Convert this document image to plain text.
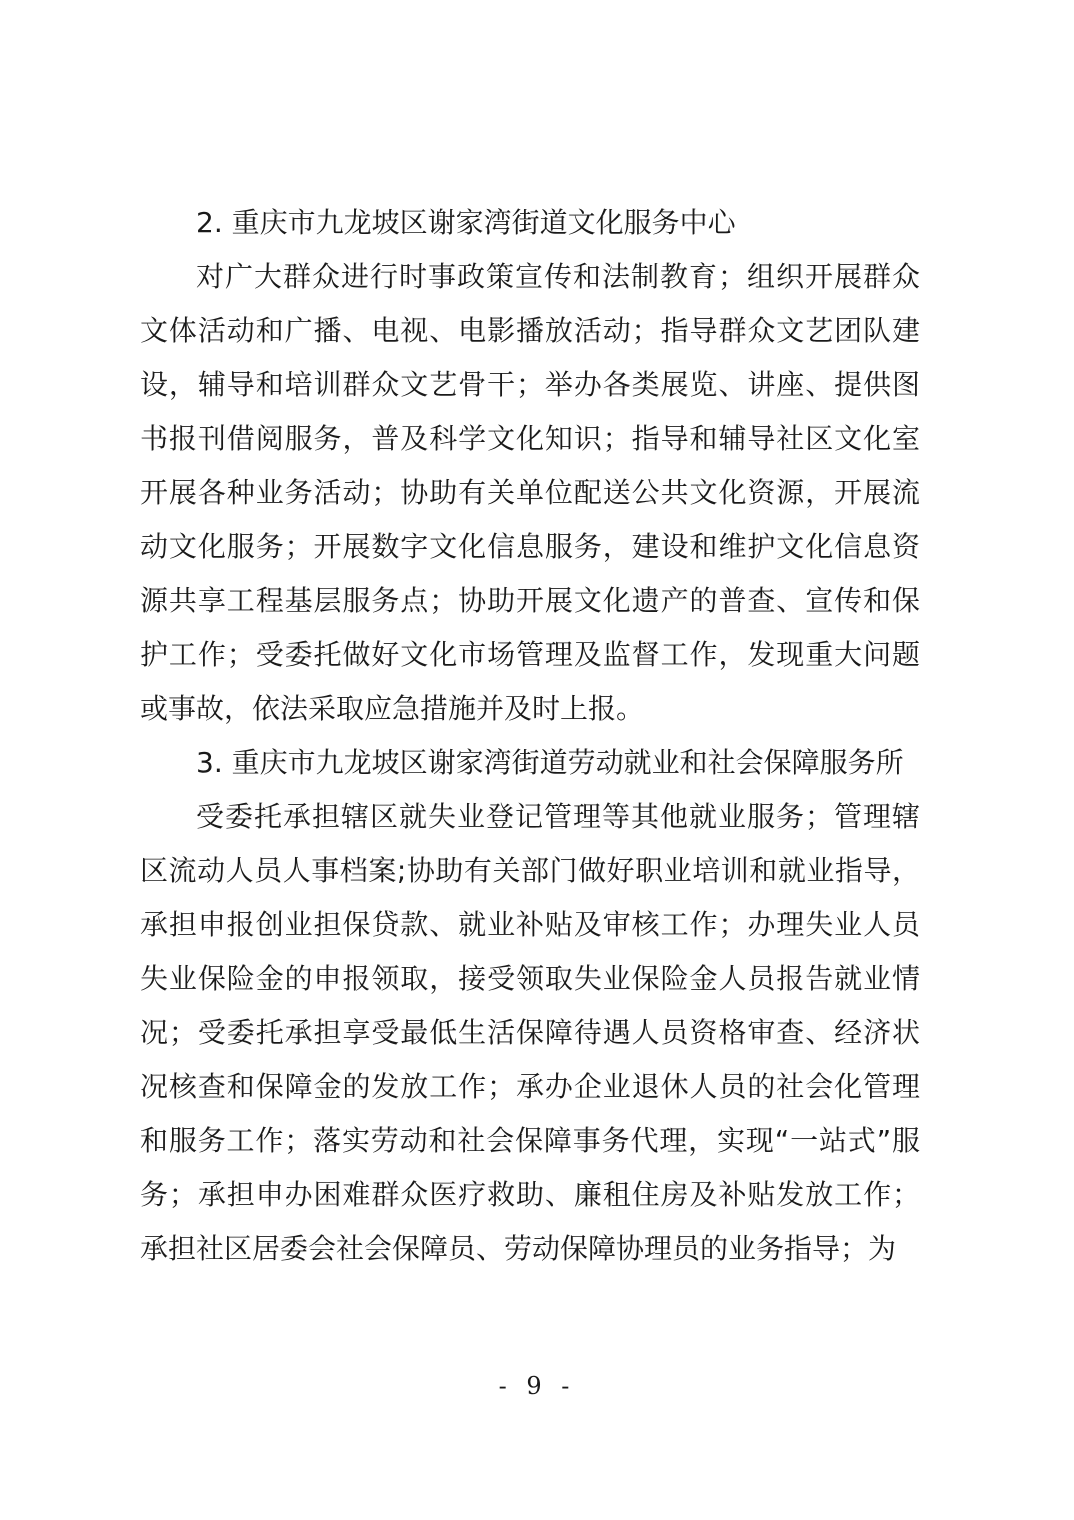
2. 重庆市九龙坡区谢家湾街道文化服务中心

对广大群众进行时事政策宣传和法制教育；组织开展群众文体活动和广播、电视、电影播放活动；指导群众文艺团队建设，辅导和培训群众文艺骨干；举办各类展览、讲座、提供图书报刊借阅服务，普及科学文化知识；指导和辅导社区文化室开展各种业务活动；协助有关单位配送公共文化资源，开展流动文化服务；开展数字文化信息服务，建设和维护文化信息资源共享工程基层服务点；协助开展文化遗产的普查、宣传和保护工作；受委托做好文化市场管理及监督工作，发现重大问题或事故，依法采取应急措施并及时上报。

3. 重庆市九龙坡区谢家湾街道劳动就业和社会保障服务所

受委托承担辖区就失业登记管理等其他就业服务；管理辖区流动人员人事档案;协助有关部门做好职业培训和就业指导，承担申报创业担保贷款、就业补贴及审核工作；办理失业人员失业保险金的申报领取，接受领取失业保险金人员报告就业情况；受委托承担享受最低生活保障待遇人员资格审查、经济状况核查和保障金的发放工作；承办企业退休人员的社会化管理和服务工作；落实劳动和社会保障事务代理，实现“一站式”服务；承担申办困难群众医疗救助、廉租住房及补贴发放工作；承担社区居委会社会保障员、劳动保障协理员的业务指导；为

- 9 -
